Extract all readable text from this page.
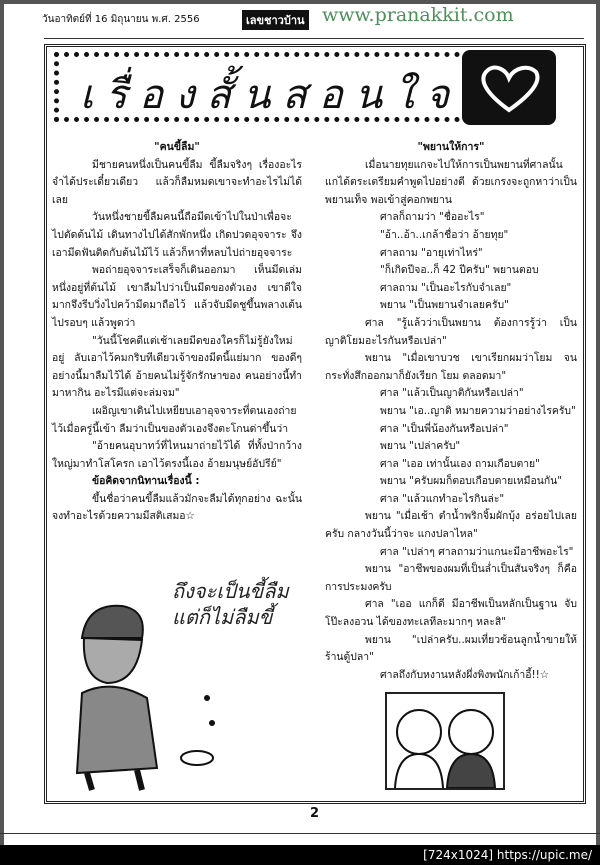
วันอาทิตย์ที่ 16 มิถุนายน พ.ศ. 2556	เลขชาวบ้าน www.pranakkit.com
เรื่องสั้นสอนใจ
"คนขี้ลืม"

มีชายคนหนึ่งเป็นคนขี้ลืม ขี้ลืมจริงๆ เรื่องอะไรจำได้ประเดี๋ยวเดียว แล้วก็ลืมหมดเขาจะทำอะไรไม่ได้เลย

วันหนึ่งชายขี้ลืมคนนี้ถือมีดเข้าไปในป่าเพื่อจะไปตัดต้นไม้ เดินทางไปได้สักพักหนึ่ง เกิดปวดอุจจาระ จึงเอามีดฟันติดกับต้นไม้ไว้ แล้วก็หาที่หลบไปถ่ายอุจจาระ

พอถ่ายอุจจาระเสร็จก็เดินออกมา เห็นมีดเล่มหนึ่งอยู่ที่ต้นไม้ เขาลืมไปว่าเป็นมีดของตัวเอง เขาดีใจมากจึงรีบวิ่งไปคว้ามีดมาถือไว้ แล้วจับมีดชูขึ้นพลางเต้นไปรอบๆ แล้วพูดว่า

"วันนี้โชคดีแต่เช้าเลยมีดของใครก็ไม่รู้ยังใหม่อยู่ ลับเอาไว้คมกริบทีเดียวเจ้าของมีดนี้แย่มาก ของดีๆ อย่างนี้มาลืมไว้ได้ อ้ายคนไม่รู้จักรักษาของ คนอย่างนี้ทำมาหากิน อะไรมีแต่จะล่มจม"

เผอิญเขาเดินไปเหยียบเอาอุจจาระที่ตนเองถ่ายไว้เมื่อครู่นี้เข้า ลืมว่าเป็นของตัวเองจึงตะโกนด่าขึ้นว่า

"อ้ายคนอุบาทว์ที่ไหนมาถ่ายไว้ได้ ที่ทั้งป่ากว้างใหญ่มาทำโสโครก เอาไว้ตรงนี้เอง อ้ายมนุษย์อัปรีย์"

ข้อคิดจากนิทานเรื่องนี้ :

ขึ้นชื่อว่าคนขี้ลืมแล้วมักจะลืมได้ทุกอย่าง ฉะนั้นจงทำอะไรด้วยความมีสติเสมอ☆

ถึงจะเป็นขี้ลืม
แต่ก็ไม่ลืมขี้
"พยานให้การ"

เมื่อนายทุยแกจะไปให้การเป็นพยานที่ศาลนั้น แกได้ตระเตรียมคำพูดไปอย่างดี ด้วยเกรงจะถูกหาว่าเป็นพยานเท็จ พอเข้าสู่คอกพยาน

ศาลก็ถามว่า "ชื่ออะไร"

"อ้า..อ้า..เกล้าชื่อว่า อ้ายทุย"

ศาลถาม "อายุเท่าไหร่"

"ก็เกิดปีจอ..ก็ 42 ปีครับ" พยานตอบ

ศาลถาม "เป็นอะไรกับจำเลย"

พยาน "เป็นพยานจำเลยครับ"

ศาล "รู้แล้วว่าเป็นพยาน ต้องการรู้ว่า เป็นญาติโยมอะไรกันหรือเปล่า"

พยาน "เมื่อเขาบวช เขาเรียกผมว่าโยม จนกระทั่งสึกออกมาก็ยังเรียก โยม ตลอดมา"

ศาล "แล้วเป็นญาติกันหรือเปล่า"

พยาน "เอ..ญาติ หมายความว่าอย่างไรครับ"

ศาล "เป็นพี่น้องกันหรือเปล่า"

พยาน "เปล่าครับ"

ศาล "เออ เท่านั้นเอง ถามเกือบตาย"

พยาน "ครับผมก็ตอบเกือบตายเหมือนกัน"

ศาล "แล้วแกทำอะไรกินล่ะ"

พยาน "เมื่อเช้า ตำน้ำพริกจิ้มผักบุ้ง อร่อยไปเลยครับ กลางวันนี้ว่าจะ แกงปลาไหล"

ศาล "เปล่าๆ ศาลถามว่าแกนะมีอาชีพอะไร"

พยาน "อาชีพของผมที่เป็นล่ำเป็นสันจริงๆ ก็คือการประมงครับ

ศาล "เออ แกก็ดี มีอาชีพเป็นหลักเป็นฐาน จับโป๊ะลงอวน ได้ของทะเลทีละมากๆ หละสิ"

พยาน "เปล่าครับ..ผมเที่ยวช้อนลูกน้ำขายให้ร้านตู้ปลา"

ศาลถึงกับหงานหลังผึ่งพิงพนักเก้าอี้!!☆

2
[724x1024] https://upic.me/
